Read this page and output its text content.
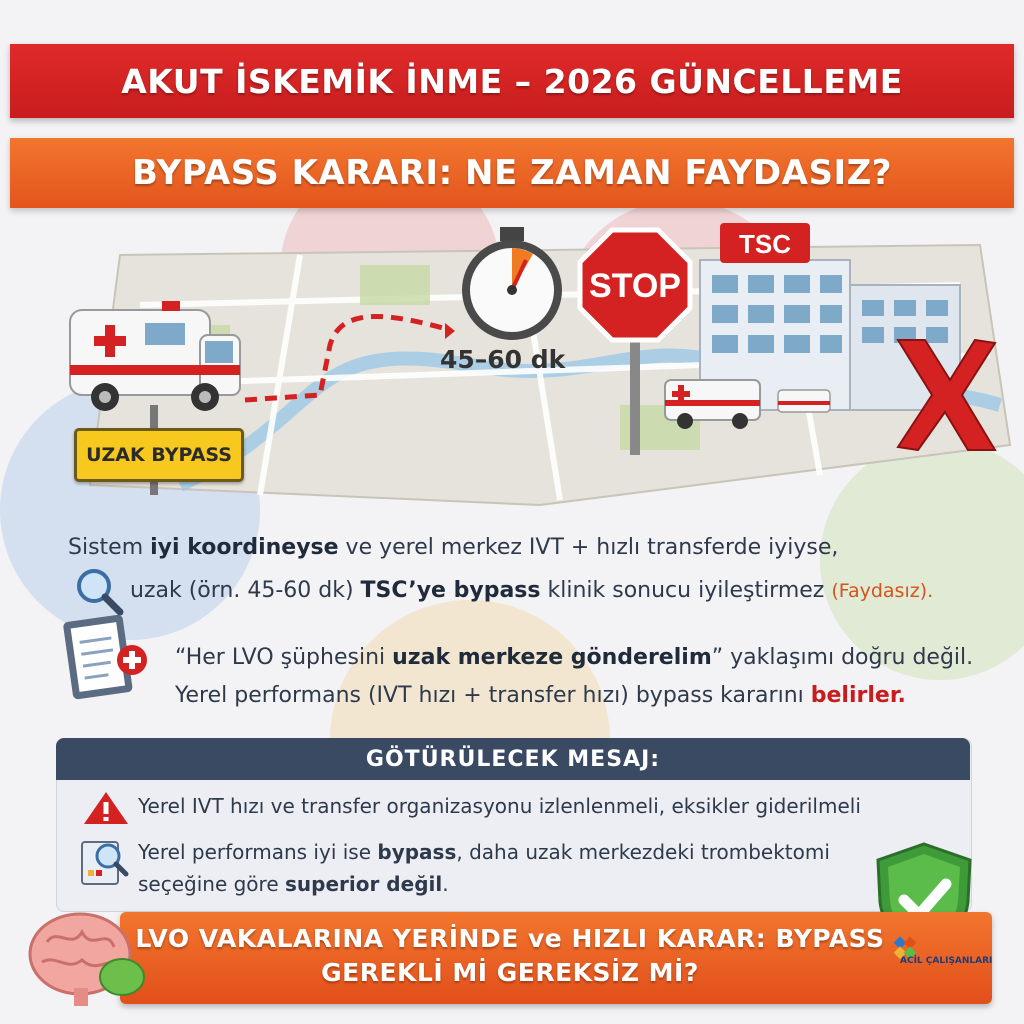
AKUT İSKEMİK İNME – 2026 GÜNCELLEME
BYPASS KARARI: NE ZAMAN FAYDASIZ?
STOP
TSC
45–60 dk
UZAK BYPASS
Sistem iyi koordineyse ve yerel merkez IVT + hızlı transferde iyiyse,
uzak (örn. 45-60 dk) TSC’ye bypass klinik sonucu iyileştirmez (Faydasız).
“Her LVO şüphesini uzak merkeze gönderelim” yaklaşımı doğru değil.
Yerel performans (IVT hızı + transfer hızı) bypass kararını belirler.
GÖTÜRÜLECEK MESAJ:
Yerel IVT hızı ve transfer organizasyonu izlenlenmeli, eksikler giderilmeli
Yerel performans iyi ise bypass, daha uzak merkezdeki trombektomi
seçeğine göre superior değil.
LVO VAKALARINA YERİNDE ve HIZLI KARAR: BYPASS
GEREKLİ Mİ GEREKSİZ Mİ?	ACİL ÇALIŞANLARI
